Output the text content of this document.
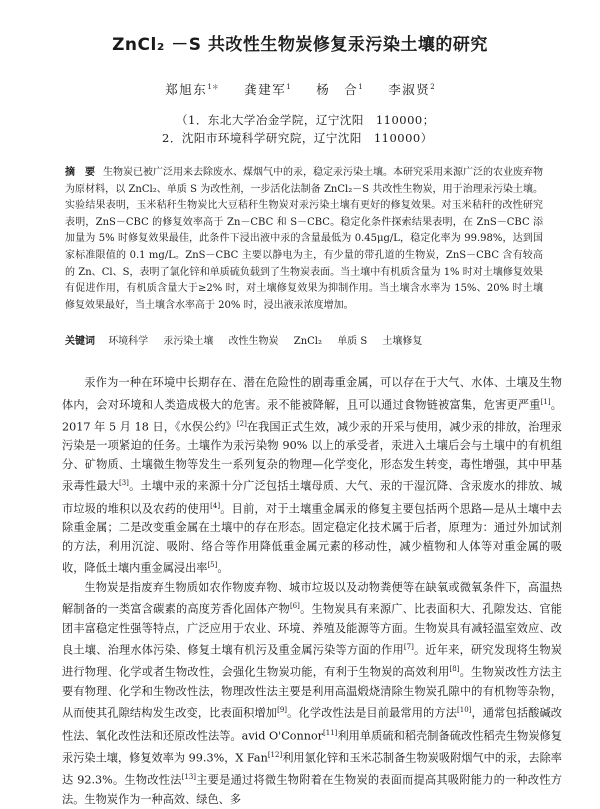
ZnCl₂ －S 共改性生物炭修复汞污染土壤的研究
郑旭东$^{1*}$ 龚建军$^1$ 杨　合$^1$ 李淑贤$^2$
（1．东北大学冶金学院，辽宁沈阳　110000；
2．沈阳市环境科学研究院，辽宁沈阳　110000）
摘　要 生物炭已被广泛用来去除废水、煤烟气中的汞，稳定汞污染土壤。本研究采用来源广泛的农业废弃物为原材料，以 ZnCl₂、单质 S 为改性剂，一步活化法制备 ZnCl₂－S 共改性生物炭，用于治理汞污染土壤。实验结果表明，玉米秸秆生物炭比大豆秸秆生物炭对汞污染土壤有更好的修复效果。对玉米秸秆的改性研究表明，ZnS－CBC 的修复效率高于 Zn－CBC 和 S－CBC。稳定化条件探索结果表明，在 ZnS－CBC 添加量为 5% 时修复效果最佳，此条件下浸出液中汞的含量最低为 0.45μg/L，稳定化率为 99.98%，达到国家标准限值的 0.1 mg/L。ZnS－CBC 主要以静电为主，有少量的带孔道的生物炭，ZnS－CBC 含有较高的 Zn、Cl、S，表明了氯化锌和单质硫负载到了生物炭表面。当土壤中有机质含量为 1% 时对土壤修复效果有促进作用，有机质含量大于≥2% 时，对土壤修复效果为抑制作用。当土壤含水率为 15%、20% 时土壤修复效果最好，当土壤含水率高于 20% 时，浸出液汞浓度增加。
关键词 环境科学 汞污染土壤 改性生物炭 ZnCl₂ 单质 S 土壤修复

汞作为一种在环境中长期存在、潜在危险性的剧毒重金属，可以存在于大气、水体、土壤及生物体内，会对环境和人类造成极大的危害。汞不能被降解，且可以通过食物链被富集，危害更严重[1]。2017 年 5 月 18 日，《水俣公约》[2]在我国正式生效，减少汞的开采与使用，减少汞的排放，治理汞污染是一项紧迫的任务。土壤作为汞污染物 90% 以上的承受者，汞进入土壤后会与土壤中的有机组分、矿物质、土壤微生物等发生一系列复杂的物理—化学变化，形态发生转变，毒性增强，其中甲基汞毒性最大[3]。土壤中汞的来源十分广泛包括土壤母质、大气、汞的干湿沉降、含汞废水的排放、城市垃圾的堆积以及农药的使用[4]。目前，对于土壤重金属汞的修复主要包括两个思路—是从土壤中去除重金属；二是改变重金属在土壤中的存在形态。固定稳定化技术属于后者，原理为：通过外加试剂的方法，利用沉淀、吸附、络合等作用降低重金属元素的移动性，减少植物和人体等对重金属的吸收，降低土壤内重金属浸出率[5]。

生物炭是指废弃生物质如农作物废弃物、城市垃圾以及动物粪便等在缺氧或微氧条件下，高温热解制备的一类富含碳素的高度芳香化固体产物[6]。生物炭具有来源广、比表面积大、孔隙发达、官能团丰富稳定性强等特点，广泛应用于农业、环境、养殖及能源等方面。生物炭具有减轻温室效应、改良土壤、治理水体污染、修复土壤有机污及重金属污染等方面的作用[7]。近年来，研究发现将生物炭进行物理、化学或者生物改性，会强化生物炭功能，有利于生物炭的高效利用[8]。生物炭改性方法主要有物理、化学和生物改性法，物理改性法主要是利用高温煅烧清除生物炭孔隙中的有机物等杂物，从而使其孔隙结构发生改变，比表面积增加[9]。化学改性法是目前最常用的方法[10]，通常包括酸碱改性法、氧化改性法和还原改性法等。avid O'Connor[11]利用单质硫和稻壳制备硫改性稻壳生物炭修复汞污染土壤，修复效率为 99.3%，X Fan[12]利用氯化锌和玉米芯制备生物炭吸附烟气中的汞，去除率达 92.3%。生物改性法[13]主要是通过将微生物附着在生物炭的表面而提高其吸附能力的一种改性方法。生物炭作为一种高效、绿色、多
